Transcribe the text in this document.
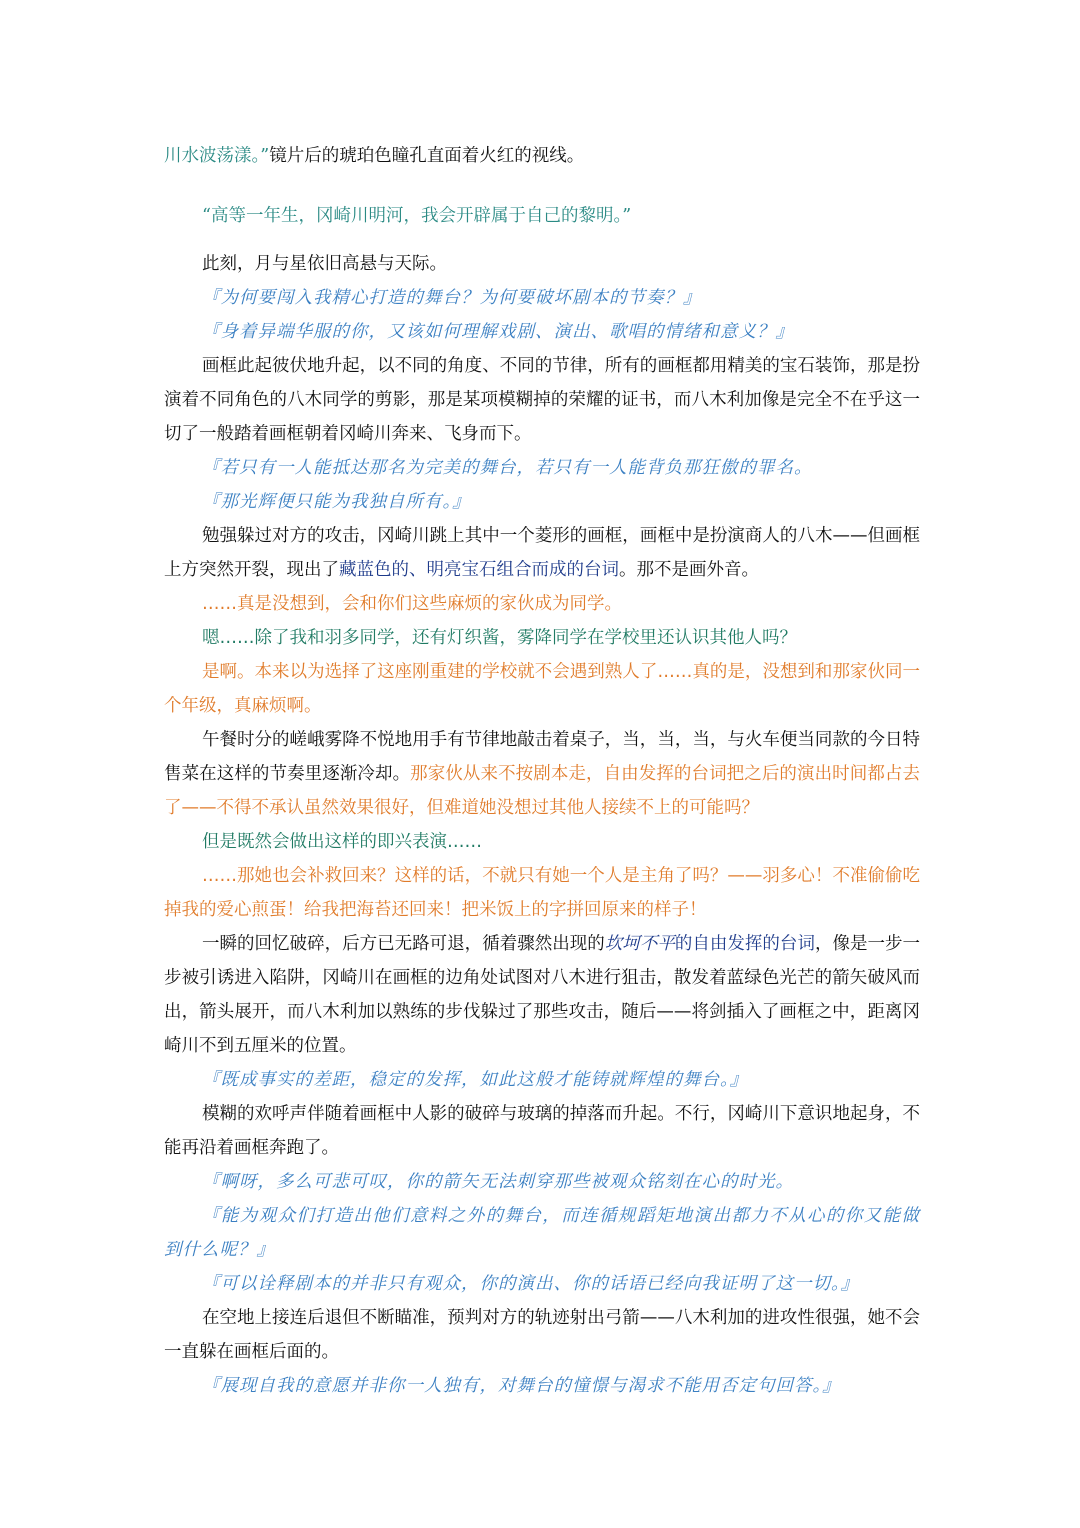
川水波荡漾。”镜片后的琥珀色瞳孔直面着火红的视线。

“高等一年生，冈崎川明河，我会开辟属于自己的黎明。”

此刻，月与星依旧高悬与天际。

『为何要闯入我精心打造的舞台？为何要破坏剧本的节奏？』

『身着异端华服的你，又该如何理解戏剧、演出、歌唱的情绪和意义？』

画框此起彼伏地升起，以不同的角度、不同的节律，所有的画框都用精美的宝石装饰，那是扮演着不同角色的八木同学的剪影，那是某项模糊掉的荣耀的证书，而八木利加像是完全不在乎这一切了一般踏着画框朝着冈崎川奔来、飞身而下。

『若只有一人能抵达那名为完美的舞台，若只有一人能背负那狂傲的罪名。

『那光辉便只能为我独自所有。』

勉强躲过对方的攻击，冈崎川跳上其中一个菱形的画框，画框中是扮演商人的八木——但画框上方突然开裂，现出了藏蓝色的、明亮宝石组合而成的台词。那不是画外音。

……真是没想到，会和你们这些麻烦的家伙成为同学。

嗯……除了我和羽多同学，还有灯织酱，雾降同学在学校里还认识其他人吗？

是啊。本来以为选择了这座刚重建的学校就不会遇到熟人了……真的是，没想到和那家伙同一个年级，真麻烦啊。

午餐时分的嵯峨雾降不悦地用手有节律地敲击着桌子，当，当，当，与火车便当同款的今日特售菜在这样的节奏里逐渐冷却。那家伙从来不按剧本走，自由发挥的台词把之后的演出时间都占去了——不得不承认虽然效果很好，但难道她没想过其他人接续不上的可能吗？

但是既然会做出这样的即兴表演……

……那她也会补救回来？这样的话，不就只有她一个人是主角了吗？——羽多心！不准偷偷吃掉我的爱心煎蛋！给我把海苔还回来！把米饭上的字拼回原来的样子！

一瞬的回忆破碎，后方已无路可退，循着骤然出现的坎坷不平的自由发挥的台词，像是一步一步被引诱进入陷阱，冈崎川在画框的边角处试图对八木进行狙击，散发着蓝绿色光芒的箭矢破风而出，箭头展开，而八木利加以熟练的步伐躲过了那些攻击，随后——将剑插入了画框之中，距离冈崎川不到五厘米的位置。

『既成事实的差距，稳定的发挥，如此这般才能铸就辉煌的舞台。』

模糊的欢呼声伴随着画框中人影的破碎与玻璃的掉落而升起。不行，冈崎川下意识地起身，不能再沿着画框奔跑了。

『啊呀，多么可悲可叹，你的箭矢无法刺穿那些被观众铭刻在心的时光。

『能为观众们打造出他们意料之外的舞台，而连循规蹈矩地演出都力不从心的你又能做到什么呢？』

『可以诠释剧本的并非只有观众，你的演出、你的话语已经向我证明了这一切。』

在空地上接连后退但不断瞄准，预判对方的轨迹射出弓箭——八木利加的进攻性很强，她不会一直躲在画框后面的。

『展现自我的意愿并非你一人独有，对舞台的憧憬与渴求不能用否定句回答。』
